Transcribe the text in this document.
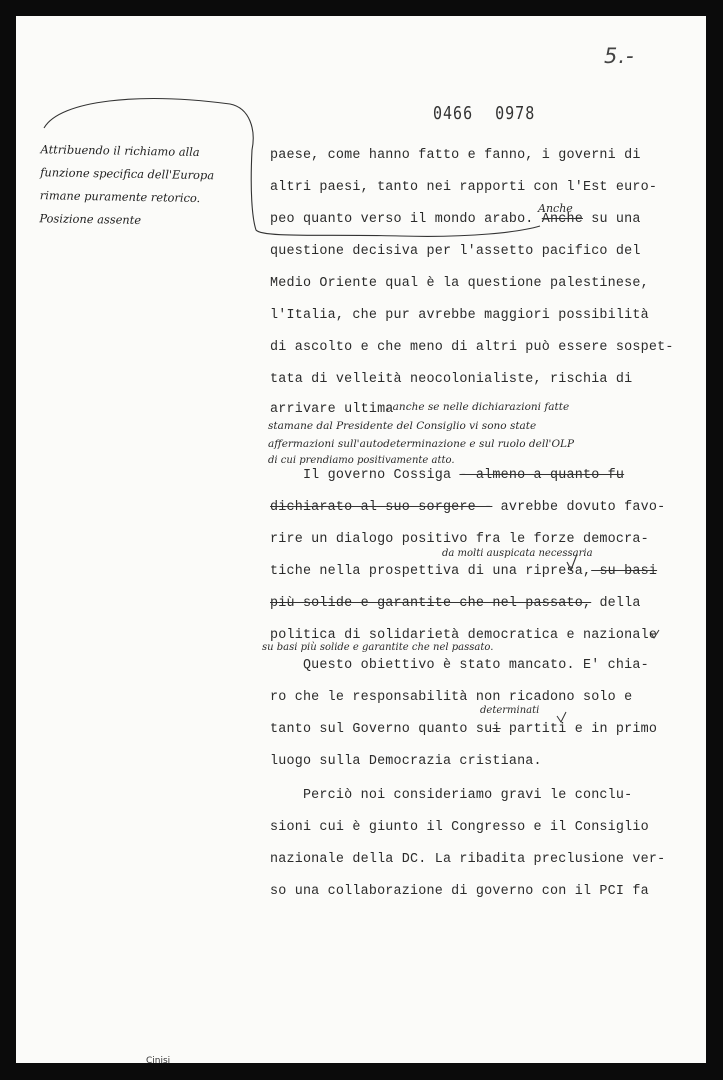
5.-
0466 0978
Attribuendo il richiamo alla
funzione specifica dell'Europa
rimane puramente retorico.
Posizione assente
paese, come hanno fatto e fanno, i governi di
altri paesi, tanto nei rapporti con l'Est euro-
peo quanto verso il mondo arabo. Anche su una
questione decisiva per l'assetto pacifico del
Medio Oriente qual è la questione palestinese,
l'Italia, che pur avrebbe maggiori possibilità
di ascolto e che meno di altri può essere sospet-
tata di velleità neocolonialiste, rischia di
arrivare ultima
Il governo Cossiga - almeno a quanto fu
dichiarato al suo sorgere - avrebbe dovuto favo-
rire un dialogo positivo fra le forze democra-
tiche nella prospettiva di una ripresa, su basi
più solide e garantite che nel passato, della
politica di solidarietà democratica e nazionale
Questo obiettivo è stato mancato. E' chia-
ro che le responsabilità non ricadono solo e
tanto sul Governo quanto sui partiti e in primo
luogo sulla Democrazia cristiana.
Perciò noi consideriamo gravi le conclu-
sioni cui è giunto il Congresso e il Consiglio
nazionale della DC. La ribadita preclusione ver-
so una collaborazione di governo con il PCI fa
Anche
, anche se nelle dichiarazioni fatte
stamane dal Presidente del Consiglio vi sono state
affermazioni sull'autodeterminazione e sul ruolo dell'OLP
di cui prendiamo positivamente atto.
da molti auspicata necessaria
su basi più solide e garantite che nel passato.
determinati
Cinisi
